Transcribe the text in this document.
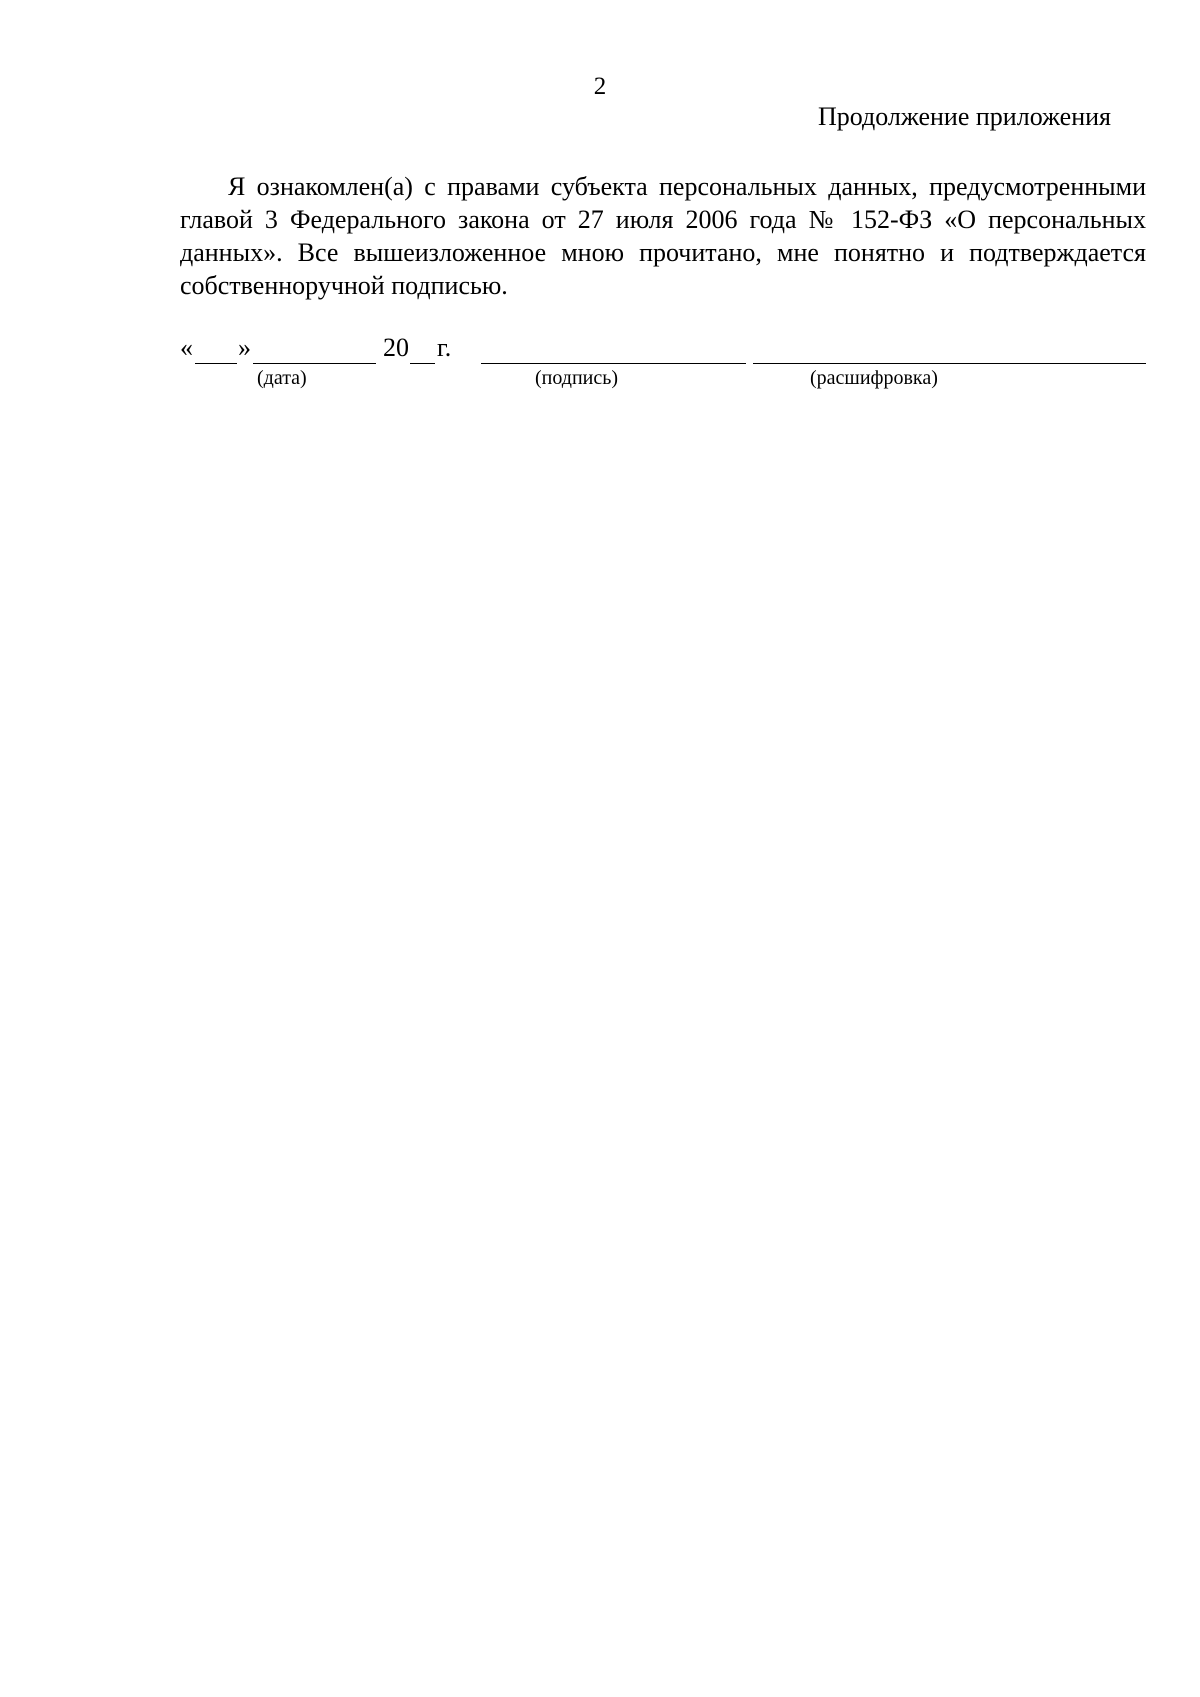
2
Продолжение приложения

Я ознакомлен(а) с правами субъекта персональных данных, предусмотренными главой 3 Федерального закона от 27 июля 2006 года № 152-ФЗ «О персональных данных». Все вышеизложенное мною прочитано, мне понятно и подтверждается собственноручной подписью.

« »	20 г.
(дата)	(подпись)	(расшифровка)
